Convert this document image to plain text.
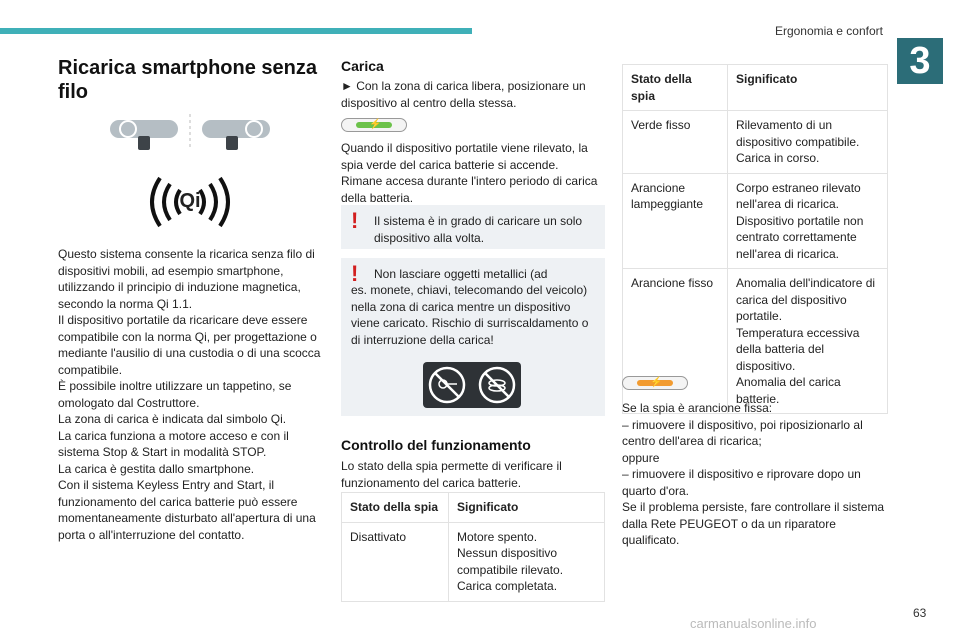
Ergonomia e confort
3
Ricarica smartphone senza filo
Qi
Questo sistema consente la ricarica senza filo di dispositivi mobili, ad esempio smartphone, utilizzando il principio di induzione magnetica, secondo la norma Qi 1.1.
Il dispositivo portatile da ricaricare deve essere compatibile con la norma Qi, per progettazione o mediante l'ausilio di una custodia o di una scocca compatibile.
È possibile inoltre utilizzare un tappetino, se omologato dal Costruttore.
La zona di carica è indicata dal simbolo Qi.
La carica funziona a motore acceso e con il sistema Stop & Start in modalità STOP.
La carica è gestita dallo smartphone.
Con il sistema Keyless Entry and Start, il funzionamento del carica batterie può essere momentaneamente disturbato all'apertura di una porta o all'interruzione del contatto.
Carica
► Con la zona di carica libera, posizionare un dispositivo al centro della stessa.
⚡
Quando il dispositivo portatile viene rilevato, la spia verde del carica batterie si accende. Rimane accesa durante l'intero periodo di carica della batteria.
! Il sistema è in grado di caricare un solo dispositivo alla volta.
! Non lasciare oggetti metallici (ad
es. monete, chiavi, telecomando del veicolo) nella zona di carica mentre un dispositivo viene caricato. Rischio di surriscaldamento o di interruzione della carica!
Controllo del funzionamento
Lo stato della spia permette di verificare il funzionamento del carica batterie.
Stato della spia	Significato
Disattivato	Motore spento.
Nessun dispositivo compatibile rilevato.
Carica completata.
Stato della spia	Significato
Verde fisso	Rilevamento di un dispositivo compatibile.
Carica in corso.
Arancione lampeggiante	Corpo estraneo rilevato nell'area di ricarica.
Dispositivo portatile non centrato correttamente nell'area di ricarica.
Arancione fisso	Anomalia dell'indicatore di carica del dispositivo portatile.
Temperatura eccessiva della batteria del dispositivo.
Anomalia del carica batterie.
⚡
Se la spia è arancione fissa:
– rimuovere il dispositivo, poi riposizionarlo al centro dell'area di ricarica;
oppure
– rimuovere il dispositivo e riprovare dopo un quarto d'ora.
Se il problema persiste, fare controllare il sistema dalla Rete PEUGEOT o da un riparatore qualificato.
63
carmanualsonline.info
